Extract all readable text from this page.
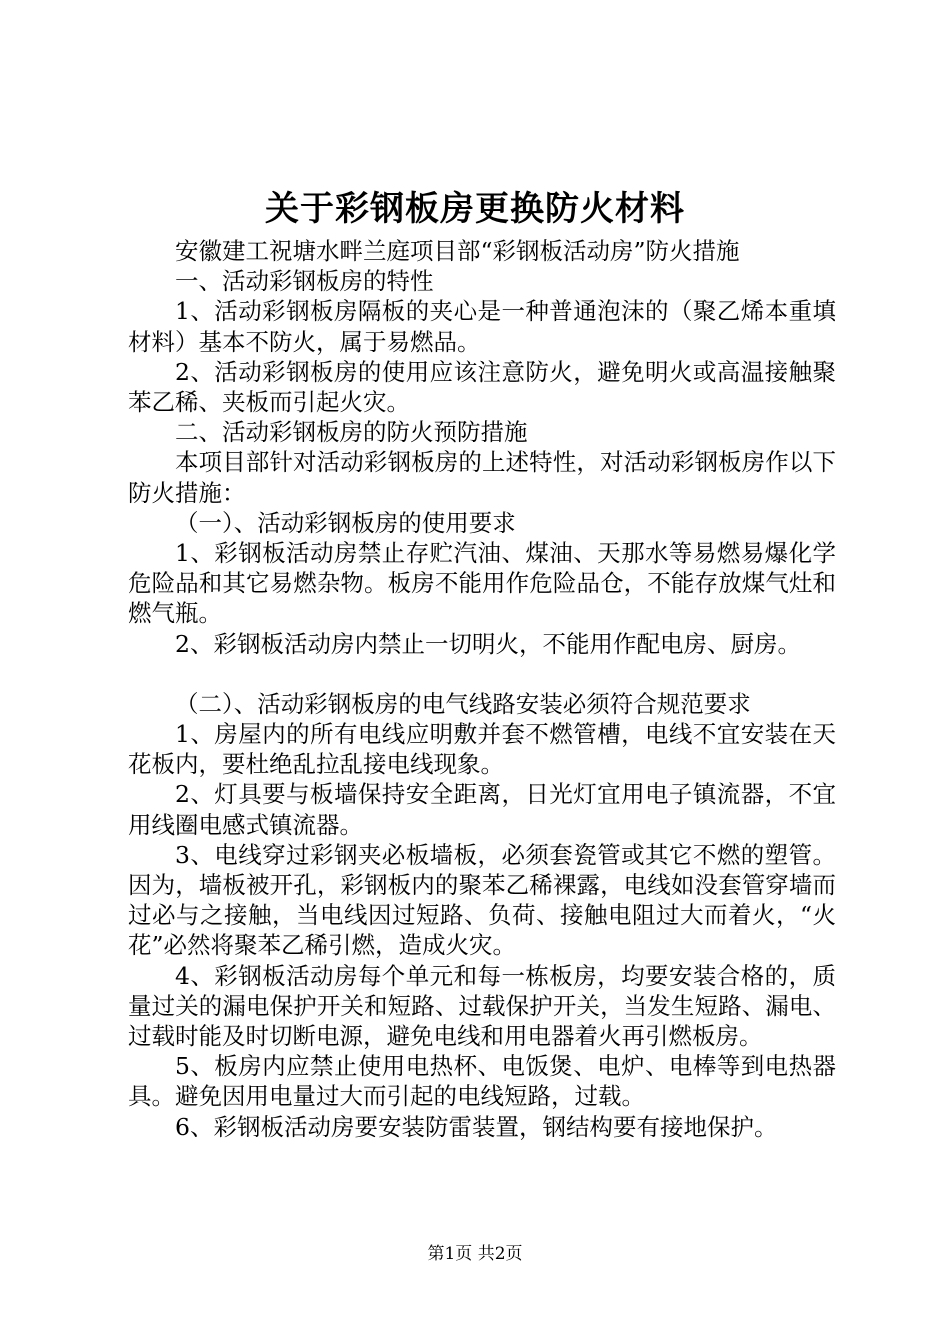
关于彩钢板房更换防火材料

安徽建工祝塘水畔兰庭项目部“彩钢板活动房”防火措施

一、活动彩钢板房的特性

1、活动彩钢板房隔板的夹心是一种普通泡沫的（聚乙烯本重填材料）基本不防火，属于易燃品。

2、活动彩钢板房的使用应该注意防火，避免明火或高温接触聚苯乙稀、夹板而引起火灾。

二、活动彩钢板房的防火预防措施

本项目部针对活动彩钢板房的上述特性，对活动彩钢板房作以下防火措施：

（一）、活动彩钢板房的使用要求

1、彩钢板活动房禁止存贮汽油、煤油、天那水等易燃易爆化学危险品和其它易燃杂物。板房不能用作危险品仓，不能存放煤气灶和燃气瓶。

2、彩钢板活动房内禁止一切明火，不能用作配电房、厨房。

（二）、活动彩钢板房的电气线路安装必须符合规范要求

1、房屋内的所有电线应明敷并套不燃管槽，电线不宜安装在天花板内，要杜绝乱拉乱接电线现象。

2、灯具要与板墙保持安全距离，日光灯宜用电子镇流器，不宜用线圈电感式镇流器。

3、电线穿过彩钢夹必板墙板，必须套瓷管或其它不燃的塑管。因为，墙板被开孔，彩钢板内的聚苯乙稀裸露，电线如没套管穿墙而过必与之接触，当电线因过短路、负荷、接触电阻过大而着火，“火花”必然将聚苯乙稀引燃，造成火灾。

4、彩钢板活动房每个单元和每一栋板房，均要安装合格的，质量过关的漏电保护开关和短路、过载保护开关，当发生短路、漏电、过载时能及时切断电源，避免电线和用电器着火再引燃板房。

5、板房内应禁止使用电热杯、电饭煲、电炉、电棒等到电热器具。避免因用电量过大而引起的电线短路，过载。

6、彩钢板活动房要安装防雷装置，钢结构要有接地保护。

第1页 共2页
